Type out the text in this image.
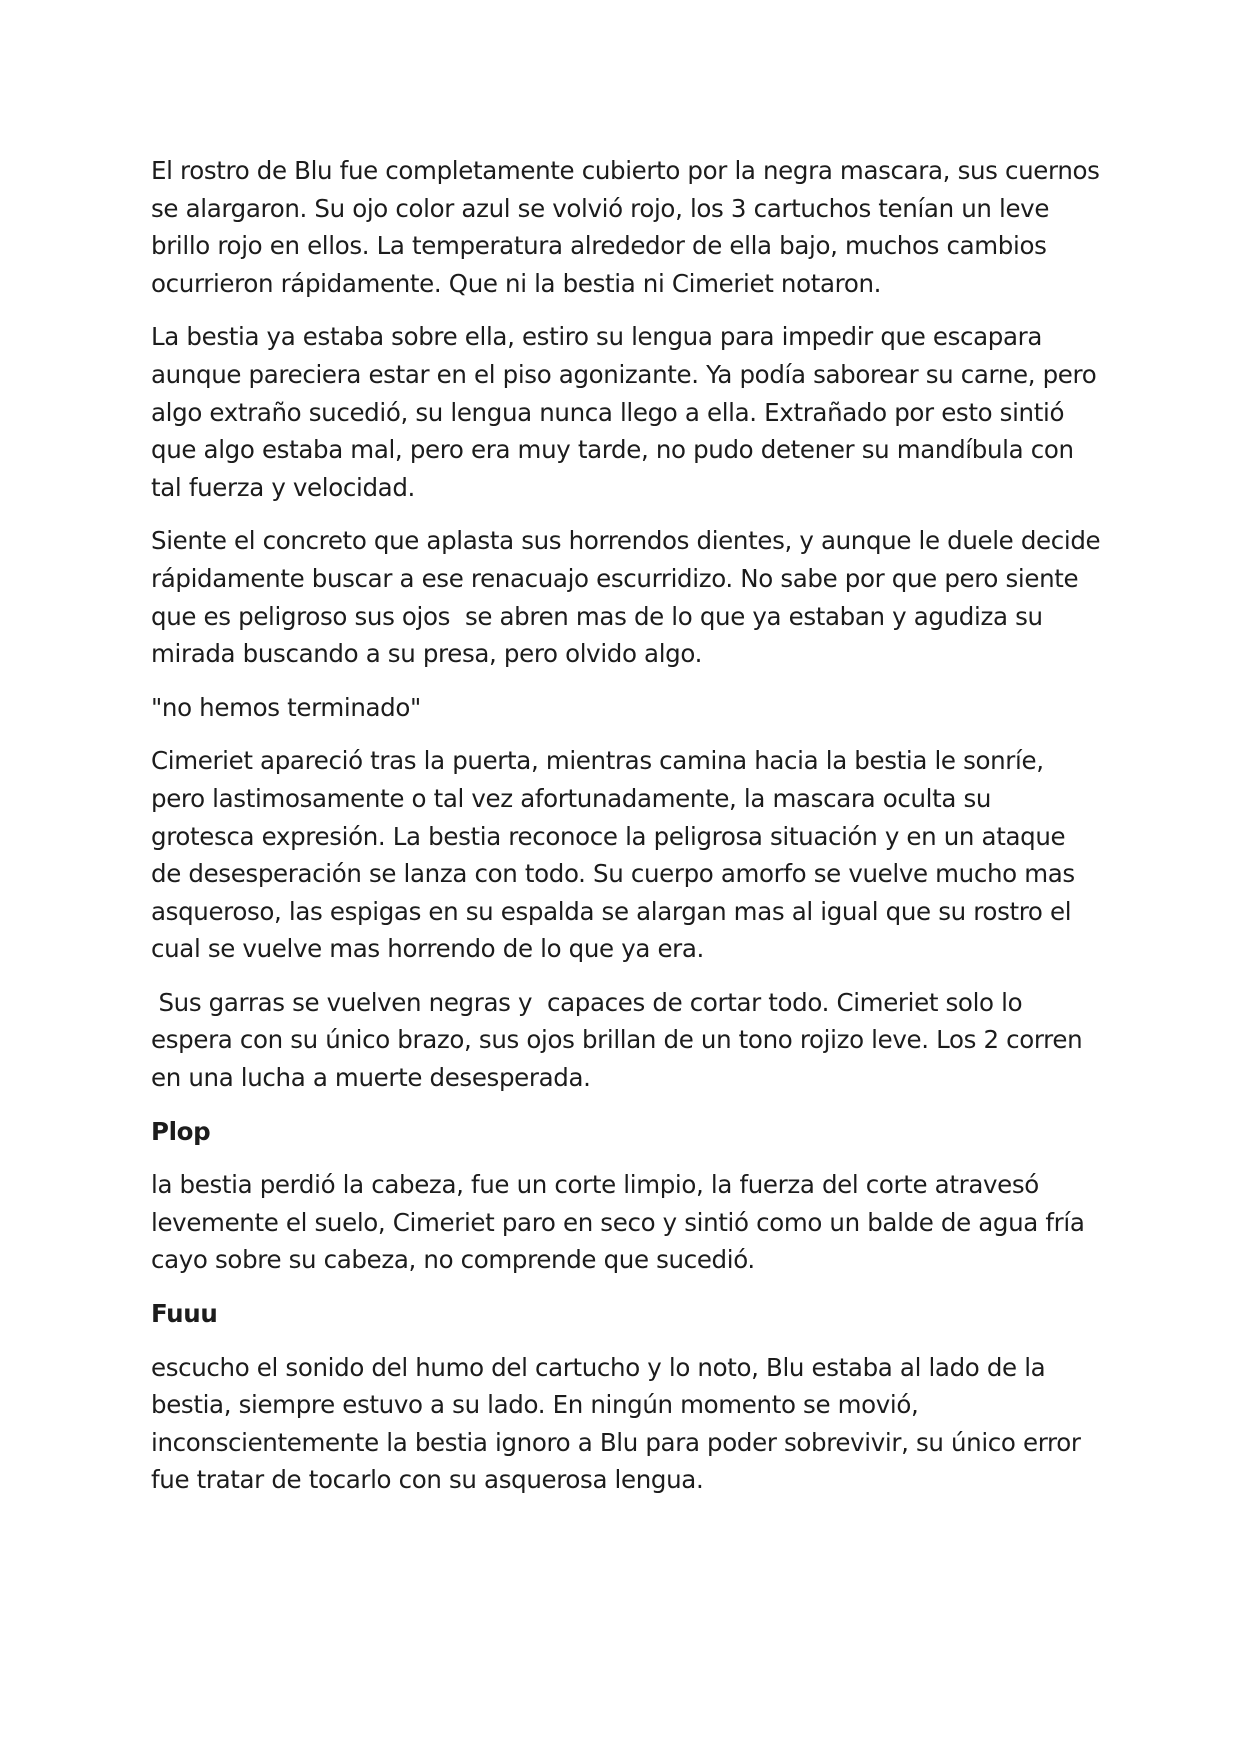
El rostro de Blu fue completamente cubierto por la negra mascara, sus cuernos se alargaron. Su ojo color azul se volvió rojo, los 3 cartuchos tenían un leve brillo rojo en ellos. La temperatura alrededor de ella bajo, muchos cambios ocurrieron rápidamente. Que ni la bestia ni Cimeriet notaron.

La bestia ya estaba sobre ella, estiro su lengua para impedir que escapara aunque pareciera estar en el piso agonizante. Ya podía saborear su carne, pero algo extraño sucedió, su lengua nunca llego a ella. Extrañado por esto sintió que algo estaba mal, pero era muy tarde, no pudo detener su mandíbula con tal fuerza y velocidad.

Siente el concreto que aplasta sus horrendos dientes, y aunque le duele decide rápidamente buscar a ese renacuajo escurridizo. No sabe por que pero siente que es peligroso sus ojos  se abren mas de lo que ya estaban y agudiza su mirada buscando a su presa, pero olvido algo.

"no hemos terminado"

Cimeriet apareció tras la puerta, mientras camina hacia la bestia le sonríe, pero lastimosamente o tal vez afortunadamente, la mascara oculta su grotesca expresión. La bestia reconoce la peligrosa situación y en un ataque de desesperación se lanza con todo. Su cuerpo amorfo se vuelve mucho mas asqueroso, las espigas en su espalda se alargan mas al igual que su rostro el cual se vuelve mas horrendo de lo que ya era.

Sus garras se vuelven negras y  capaces de cortar todo. Cimeriet solo lo espera con su único brazo, sus ojos brillan de un tono rojizo leve. Los 2 corren en una lucha a muerte desesperada.

Plop

la bestia perdió la cabeza, fue un corte limpio, la fuerza del corte atravesó levemente el suelo, Cimeriet paro en seco y sintió como un balde de agua fría cayo sobre su cabeza, no comprende que sucedió.

Fuuu

escucho el sonido del humo del cartucho y lo noto, Blu estaba al lado de la bestia, siempre estuvo a su lado. En ningún momento se movió, inconscientemente la bestia ignoro a Blu para poder sobrevivir, su único error fue tratar de tocarlo con su asquerosa lengua.
